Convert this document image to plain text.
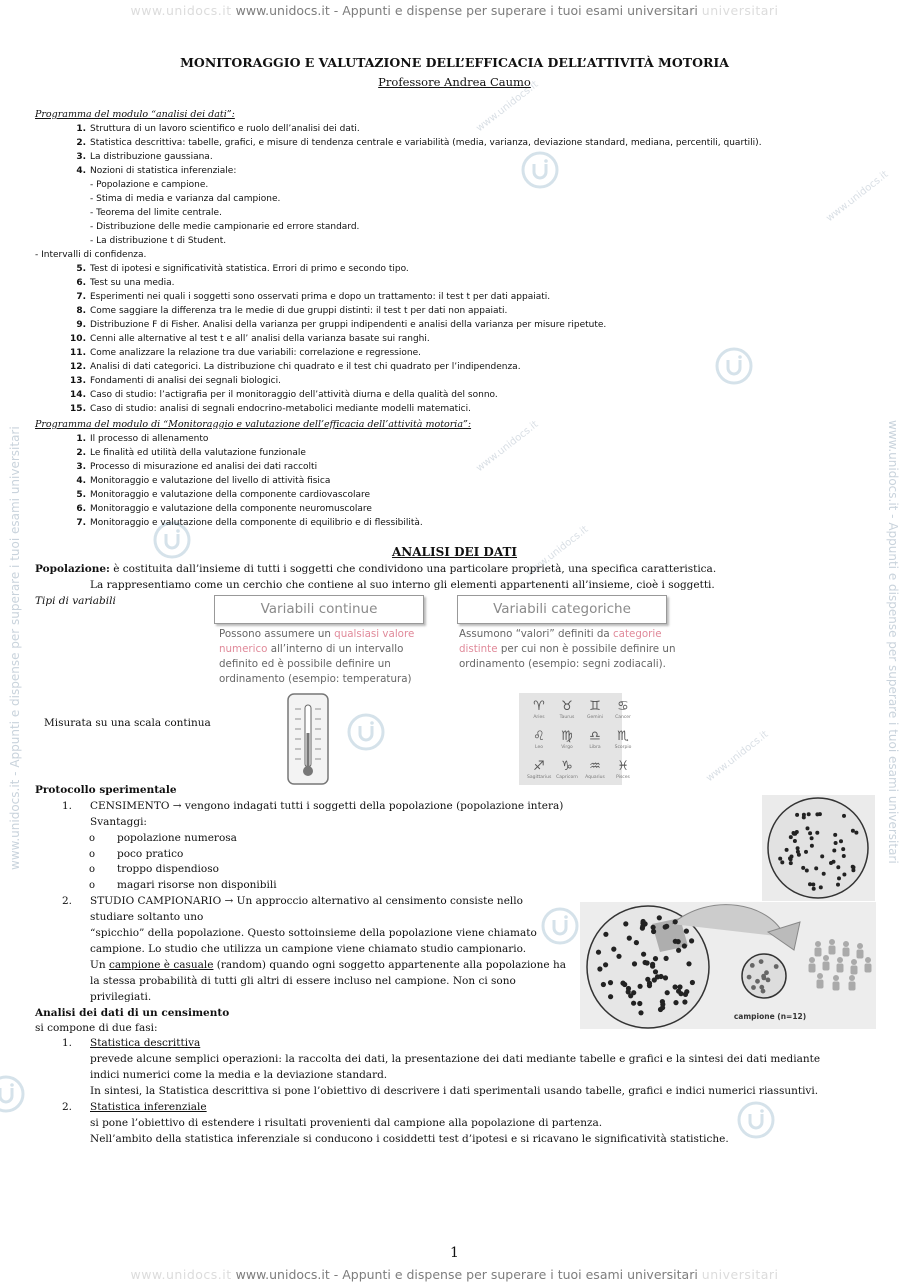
www.unidocs.it www.unidocs.it - Appunti e dispense per superare i tuoi esami universitari universitari
www.unidocs.it www.unidocs.it - Appunti e dispense per superare i tuoi esami universitari universitari
www.unidocs.it - Appunti e dispense per superare i tuoi esami universitari	www.unidocs.it - Appunti e dispense per superare i tuoi esami universitari
www.unidocs.it
www.unidocs.it
www.unidocs.it
www.unidocs.it
www.unidocs.it
MONITORAGGIO E VALUTAZIONE DELL’EFFICACIA DELL’ATTIVITÀ MOTORIA
Professore Andrea Caumo
Programma del modulo “analisi dei dati”:
1. Struttura di un lavoro scientifico e ruolo dell’analisi dei dati.
2. Statistica descrittiva: tabelle, grafici, e misure di tendenza centrale e variabilità (media, varianza, deviazione standard, mediana, percentili, quartili).
3. La distribuzione gaussiana.
4. Nozioni di statistica inferenziale:
- Popolazione e campione.
- Stima di media e varianza dal campione.
- Teorema del limite centrale.
- Distribuzione delle medie campionarie ed errore standard.
- La distribuzione t di Student.
- Intervalli di confidenza.
5. Test di ipotesi e significatività statistica. Errori di primo e secondo tipo.
6. Test su una media.
7. Esperimenti nei quali i soggetti sono osservati prima e dopo un trattamento: il test t per dati appaiati.
8. Come saggiare la differenza tra le medie di due gruppi distinti: il test t per dati non appaiati.
9. Distribuzione F di Fisher. Analisi della varianza per gruppi indipendenti e analisi della varianza per misure ripetute.
10. Cenni alle alternative al test t e all’ analisi della varianza basate sui ranghi.
11. Come analizzare la relazione tra due variabili: correlazione e regressione.
12. Analisi di dati categorici. La distribuzione chi quadrato e il test chi quadrato per l’indipendenza.
13. Fondamenti di analisi dei segnali biologici.
14. Caso di studio: l’actigrafia per il monitoraggio dell’attività diurna e della qualità del sonno.
15. Caso di studio: analisi di segnali endocrino-metabolici mediante modelli matematici.
Programma del modulo di “Monitoraggio e valutazione dell’efficacia dell’attività motoria”:
1. Il processo di allenamento
2. Le finalità ed utilità della valutazione funzionale
3. Processo di misurazione ed analisi dei dati raccolti
4. Monitoraggio e valutazione del livello di attività fisica
5. Monitoraggio e valutazione della componente cardiovascolare
6. Monitoraggio e valutazione della componente neuromuscolare
7. Monitoraggio e valutazione della componente di equilibrio e di flessibilità.
ANALISI DEI DATI
Popolazione: è costituita dall’insieme di tutti i soggetti che condividono una particolare proprietà, una specifica caratteristica.
La rappresentiamo come un cerchio che contiene al suo interno gli elementi appartenenti all’insieme, cioè i soggetti.
Tipi di variabili
Misurata su una scala continua
Variabili continue	Variabili categoriche
Possono assumere un qualsiasi valore numerico all’interno di un intervallo definito ed è possibile definire un ordinamento (esempio: temperatura)
Assumono “valori” definiti da categorie distinte per cui non è possibile definire un ordinamento (esempio: segni zodiacali).
♈
Aries
♉
Taurus
♊
Gemini
♋
Cancer
♌
Leo
♍
Virgo
♎
Libra
♏
Scorpio
♐
Sagittarius
♑
Capricorn
♒
Aquarius
♓
Pisces
Protocollo sperimentale
1. CENSIMENTO → vengono indagati tutti i soggetti della popolazione (popolazione intera)
Svantaggi:
o popolazione numerosa
o poco pratico
o troppo dispendioso
o magari risorse non disponibili
2. STUDIO CAMPIONARIO → Un approccio alternativo al censimento consiste nello
studiare soltanto uno
“spicchio” della popolazione. Questo sottoinsieme della popolazione viene chiamato
campione. Lo studio che utilizza un campione viene chiamato studio campionario.
Un campione è casuale (random) quando ogni soggetto appartenente alla popolazione ha
la stessa probabilità di tutti gli altri di essere incluso nel campione. Non ci sono
privilegiati.
campione (n=12)
Analisi dei dati di un censimento
si compone di due fasi:
1. Statistica descrittiva
prevede alcune semplici operazioni: la raccolta dei dati, la presentazione dei dati mediante tabelle e grafici e la sintesi dei dati mediante
indici numerici come la media e la deviazione standard.
In sintesi, la Statistica descrittiva si pone l’obiettivo di descrivere i dati sperimentali usando tabelle, grafici e indici numerici riassuntivi.
2. Statistica inferenziale
si pone l’obiettivo di estendere i risultati provenienti dal campione alla popolazione di partenza.
Nell’ambito della statistica inferenziale si conducono i cosiddetti test d’ipotesi e si ricavano le significatività statistiche.
1
